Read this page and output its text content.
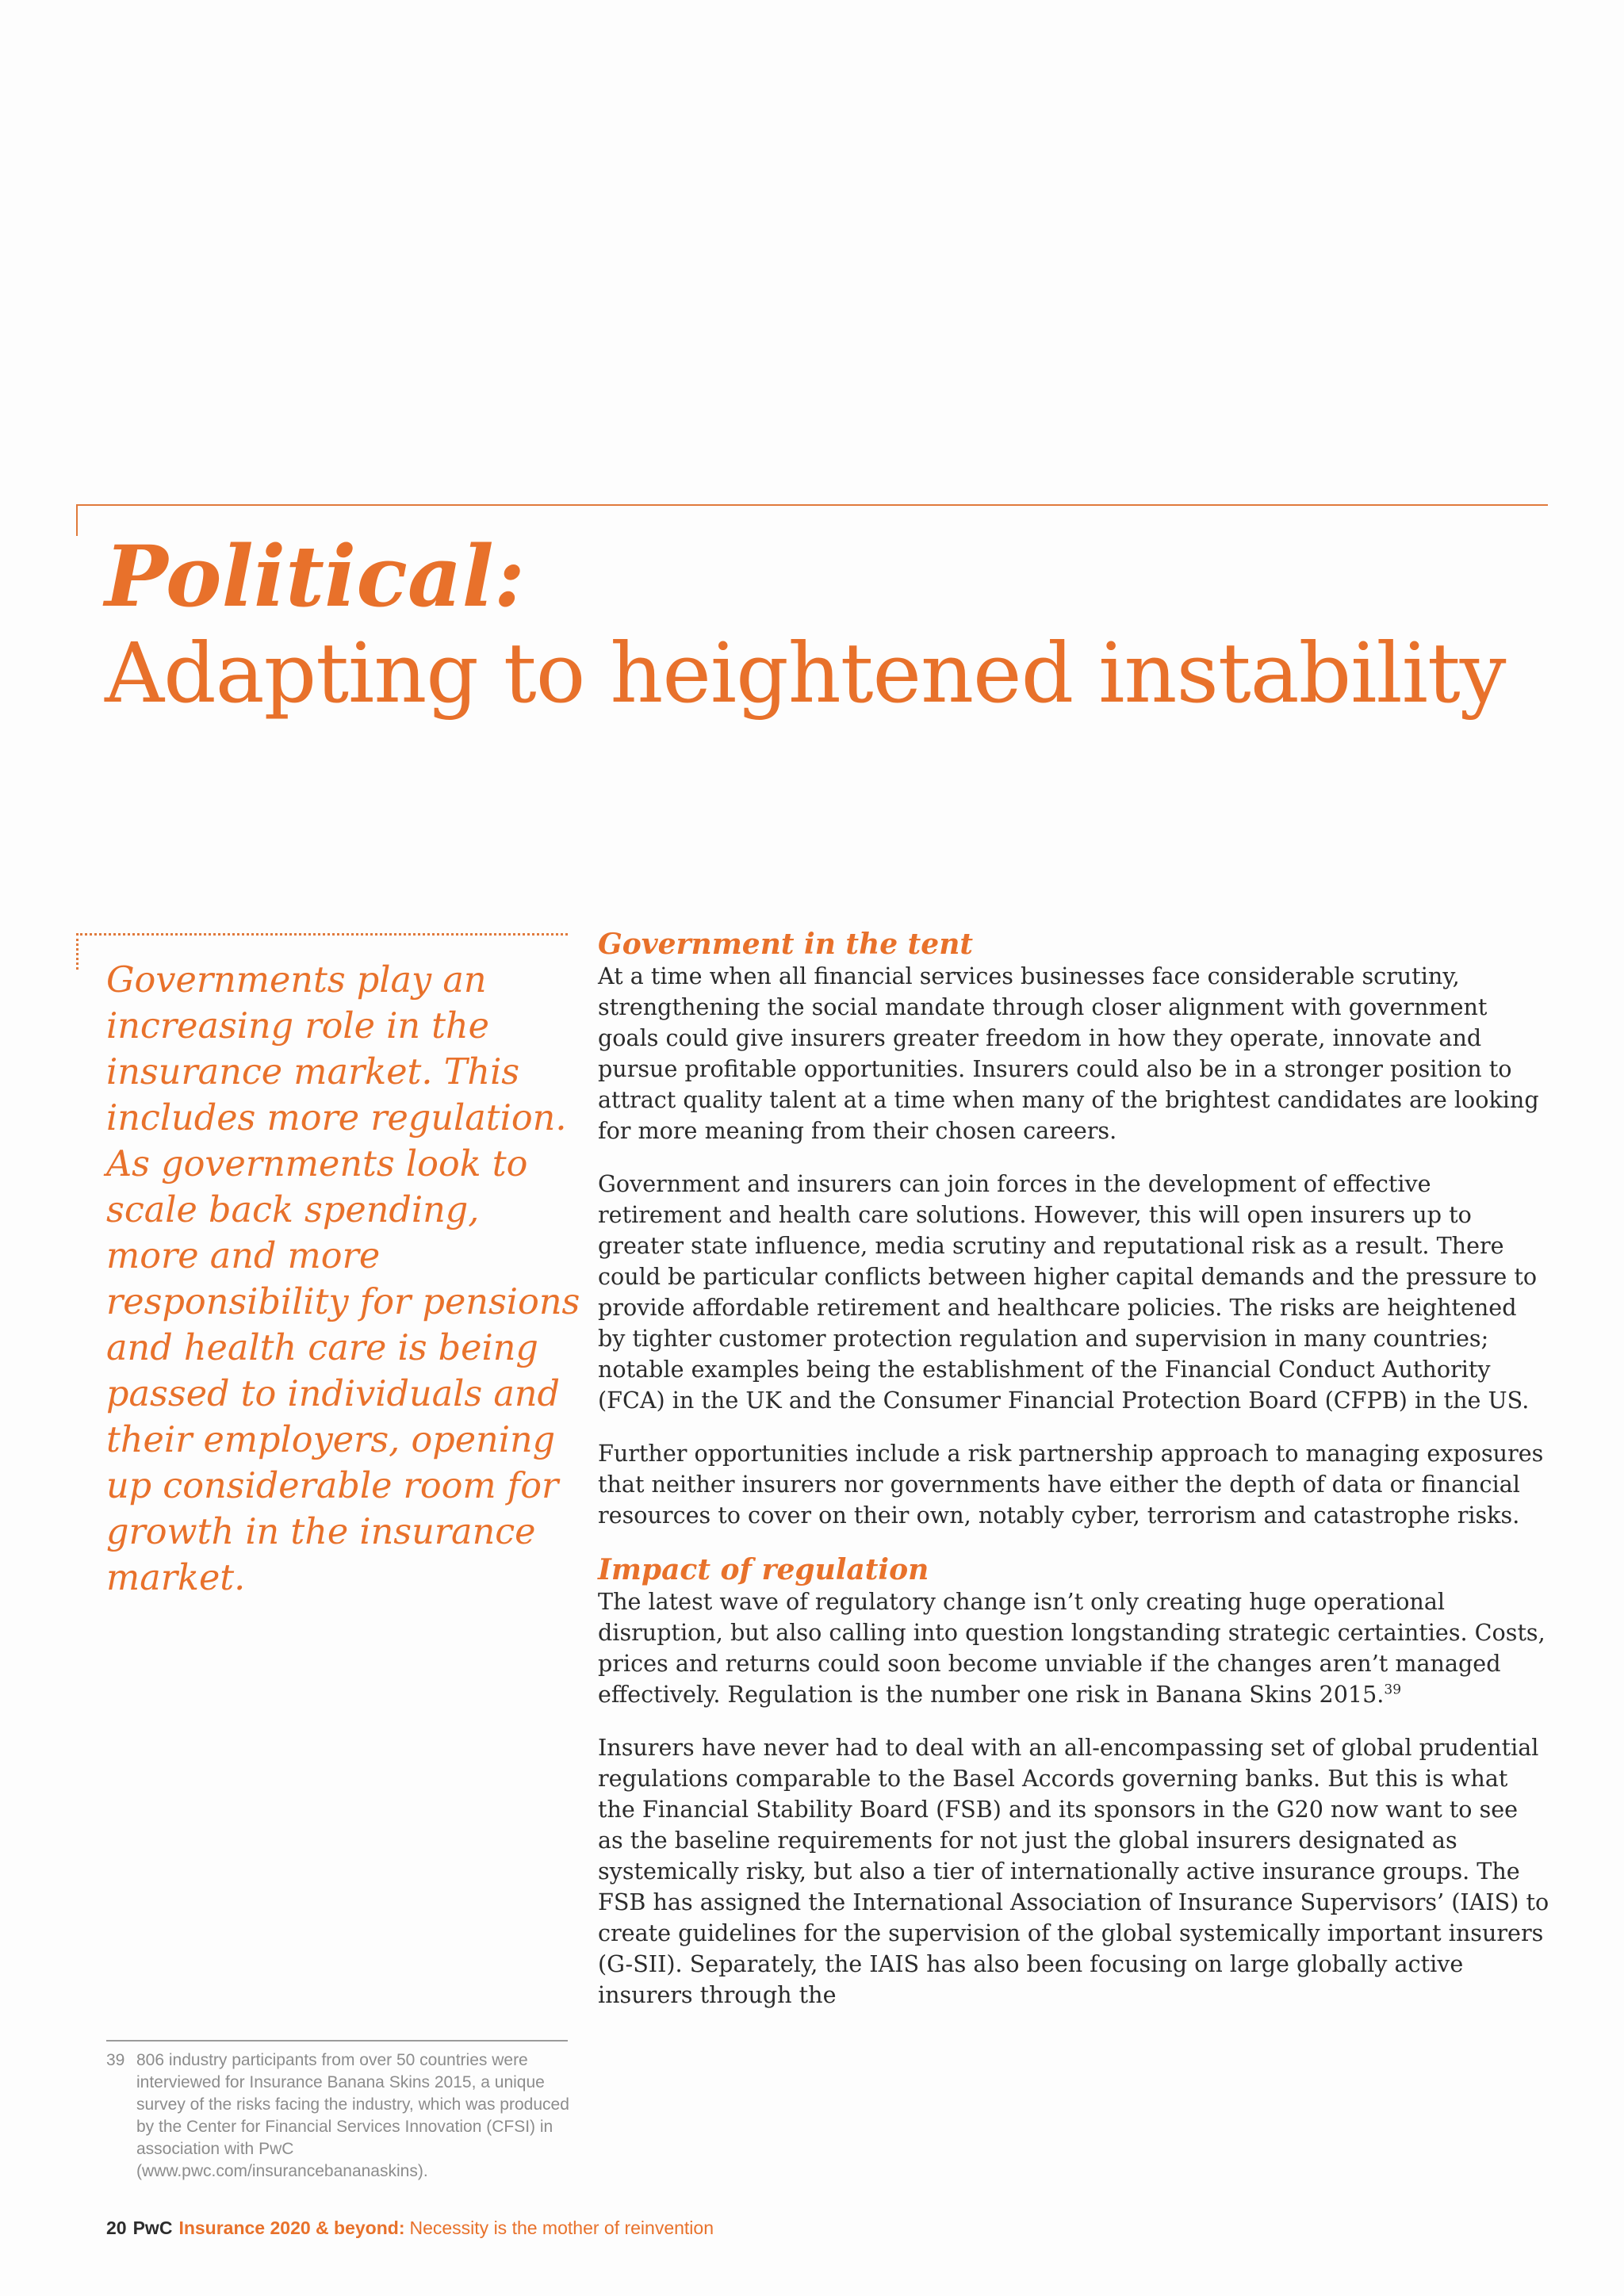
Political:
Adapting to heightened instability

Governments play an increasing role in the insurance market. This includes more regulation. As governments look to scale back spending, more and more responsibility for pensions and health care is being passed to individuals and their employers, opening up considerable room for growth in the insurance market.

Government in the tent

At a time when all financial services businesses face considerable scrutiny, strengthening the social mandate through closer alignment with government goals could give insurers greater freedom in how they operate, innovate and pursue profitable opportunities. Insurers could also be in a stronger position to attract quality talent at a time when many of the brightest candidates are looking for more meaning from their chosen careers.

Government and insurers can join forces in the development of effective retirement and health care solutions. However, this will open insurers up to greater state influence, media scrutiny and reputational risk as a result. There could be particular conflicts between higher capital demands and the pressure to provide affordable retirement and healthcare policies. The risks are heightened by tighter customer protection regulation and supervision in many countries; notable examples being the establishment of the Financial Conduct Authority (FCA) in the UK and the Consumer Financial Protection Board (CFPB) in the US.

Further opportunities include a risk partnership approach to managing exposures that neither insurers nor governments have either the depth of data or financial resources to cover on their own, notably cyber, terrorism and catastrophe risks.

Impact of regulation

The latest wave of regulatory change isn’t only creating huge operational disruption, but also calling into question longstanding strategic certainties. Costs, prices and returns could soon become unviable if the changes aren’t managed effectively. Regulation is the number one risk in Banana Skins 2015.39

Insurers have never had to deal with an all-encompassing set of global prudential regulations comparable to the Basel Accords governing banks. But this is what the Financial Stability Board (FSB) and its sponsors in the G20 now want to see as the baseline requirements for not just the global insurers designated as systemically risky, but also a tier of internationally active insurance groups. The FSB has assigned the International Association of Insurance Supervisors’ (IAIS) to create guidelines for the supervision of the global systemically important insurers (G-SII). Separately, the IAIS has also been focusing on large globally active insurers through the

39 806 industry participants from over 50 countries were interviewed for Insurance Banana Skins 2015, a unique survey of the risks facing the industry, which was produced by the Center for Financial Services Innovation (CFSI) in association with PwC (www.pwc.com/insurancebananaskins).
20 PwC Insurance 2020 & beyond: Necessity is the mother of reinvention
